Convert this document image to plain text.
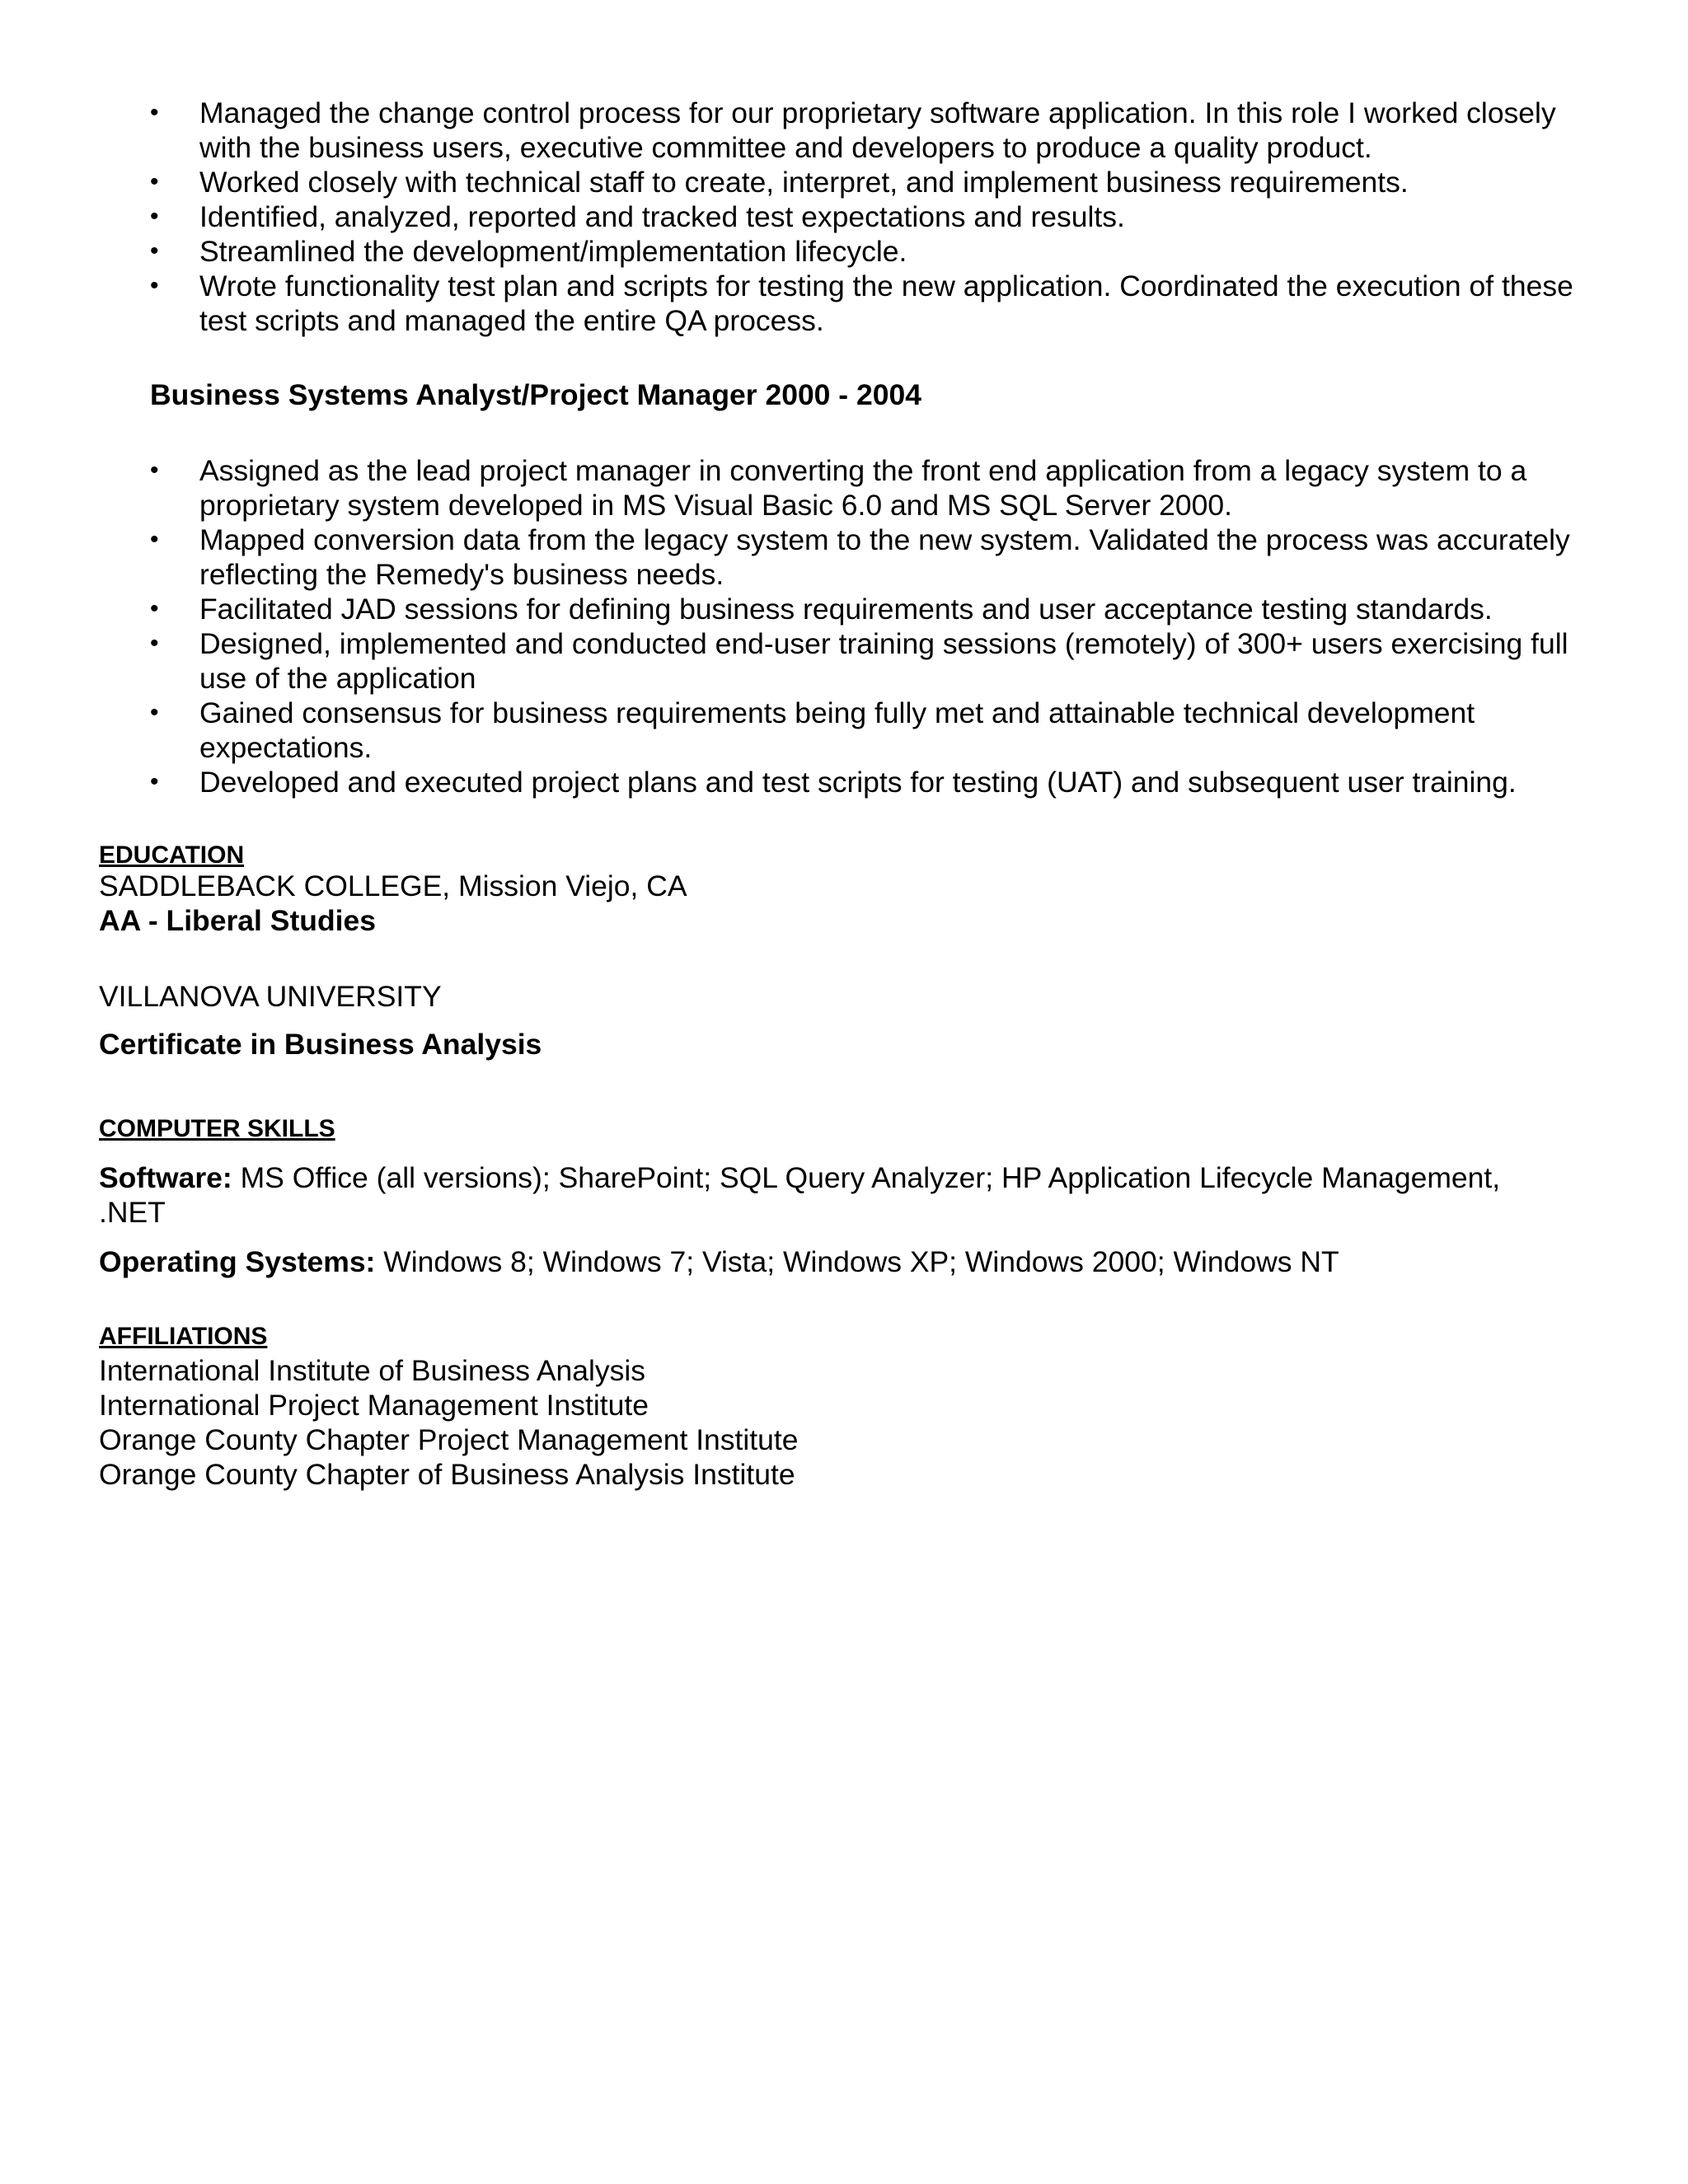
•	Managed the change control process for our proprietary software application. In this role I worked closely with the business users, executive committee and developers to produce a quality product.
•	Worked closely with technical staff to create, interpret, and implement business requirements.
•	Identified, analyzed, reported and tracked test expectations and results.
•	Streamlined the development/implementation lifecycle.
•	Wrote functionality test plan and scripts for testing the new application. Coordinated the execution of these test scripts and managed the entire QA process.
Business Systems Analyst/Project Manager 2000 - 2004
•	Assigned as the lead project manager in converting the front end application from a legacy system to a proprietary system developed in MS Visual Basic 6.0 and MS SQL Server 2000.
•	Mapped conversion data from the legacy system to the new system. Validated the process was accurately reflecting the Remedy's business needs.
•	Facilitated JAD sessions for defining business requirements and user acceptance testing standards.
•	Designed, implemented and conducted end-user training sessions (remotely) of 300+ users exercising full use of the application
•	Gained consensus for business requirements being fully met and attainable technical development expectations.
•	Developed and executed project plans and test scripts for testing (UAT) and subsequent user training.
EDUCATION
SADDLEBACK COLLEGE, Mission Viejo, CA
AA - Liberal Studies
VILLANOVA UNIVERSITY
Certificate in Business Analysis
COMPUTER SKILLS
Software: MS Office (all versions); SharePoint; SQL Query Analyzer; HP Application Lifecycle Management, .NET
Operating Systems: Windows 8; Windows 7; Vista; Windows XP; Windows 2000; Windows NT
AFFILIATIONS
International Institute of Business Analysis
International Project Management Institute
Orange County Chapter Project Management Institute
Orange County Chapter of Business Analysis Institute
